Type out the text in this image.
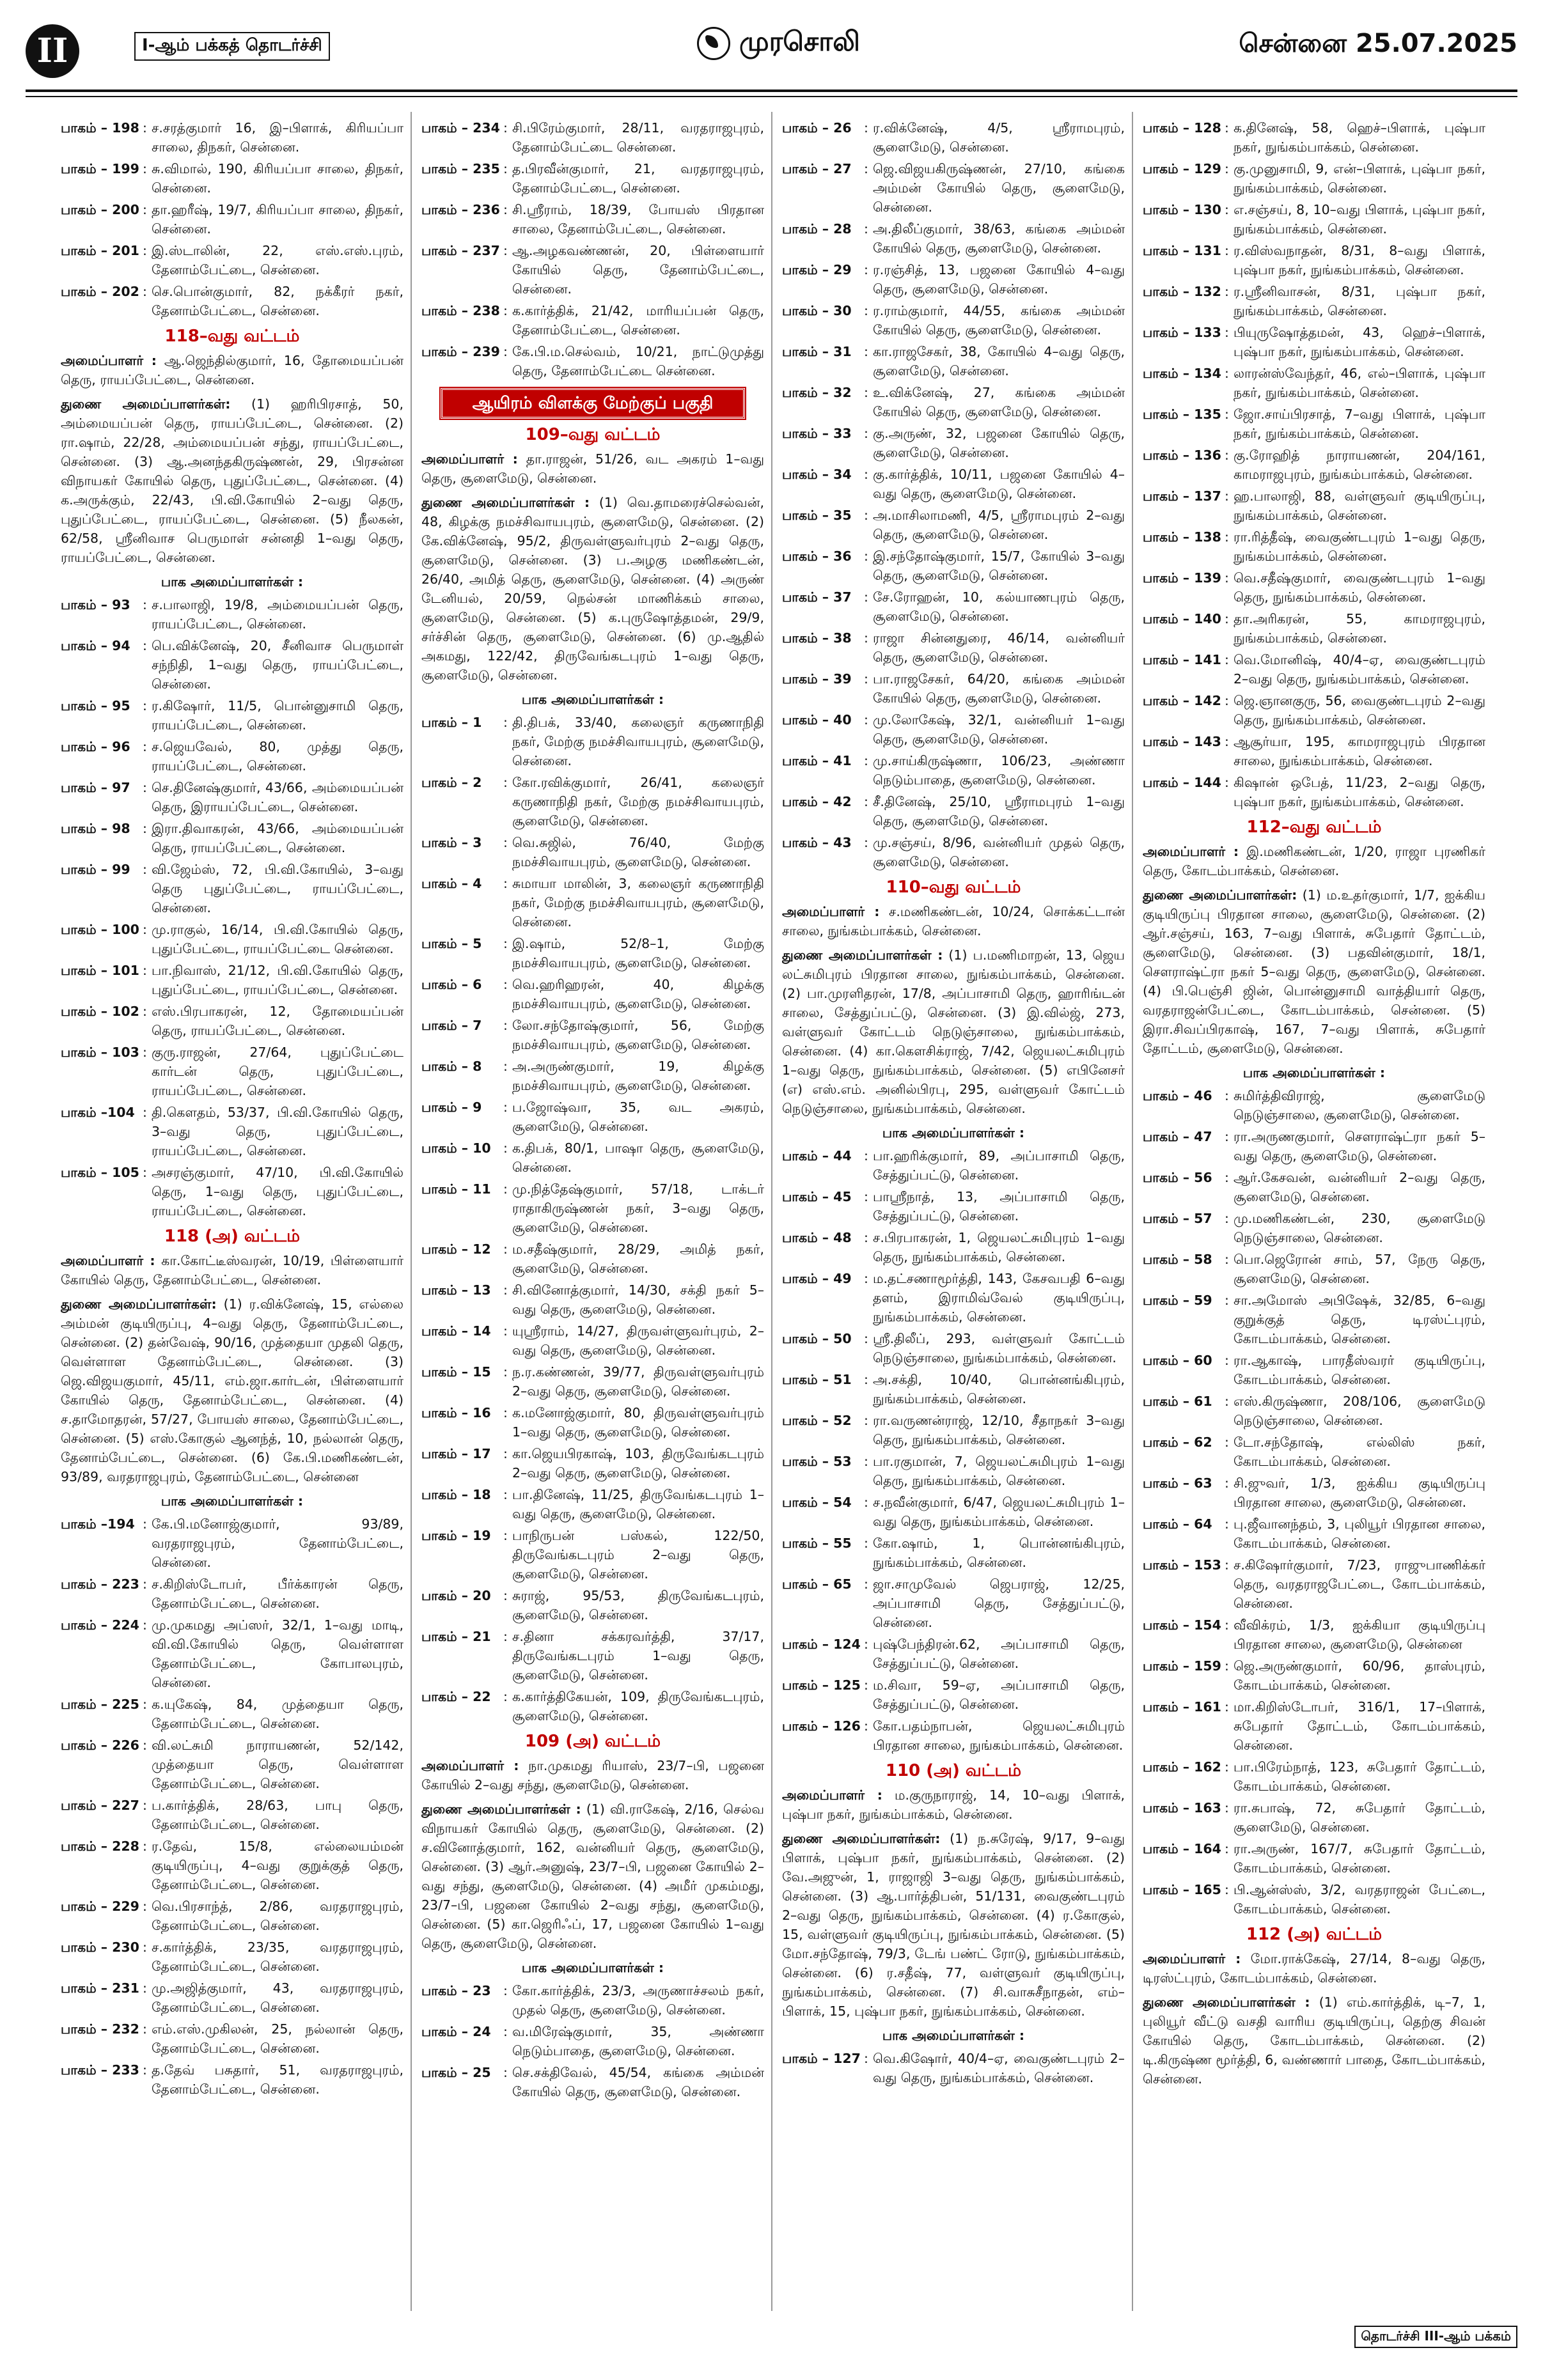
II	I-ஆம் பக்கத் தொடர்ச்சி	முரசொலி	சென்னை 25.07.2025
பாகம் – 198 : ச.சரத்குமார் 16, இ–பிளாக், கிரியப்பா சாலை, திநகர், சென்னை.
பாகம் – 199 : சு.விமால், 190, கிரியப்பா சாலை, திநகர், சென்னை.
பாகம் – 200 : தா.ஹரீஷ், 19/7, கிரியப்பா சாலை, திநகர், சென்னை.
பாகம் – 201 : இ.ஸ்டாலின், 22, எஸ்.எஸ்.புரம், தேனாம்பேட்டை, சென்னை.
பாகம் – 202 : செ.பொன்குமார், 82, நக்கீரர் நகர், தேனாம்பேட்டை, சென்னை.
118–வது வட்டம்
அமைப்பாளர் : ஆ.ஜெந்தில்குமார், 16, தோமையப்பன் தெரு, ராயப்பேட்டை, சென்னை.
துணை அமைப்பாளர்கள்: (1) ஹரிபிரசாத், 50, அம்மையப்பன் தெரு, ராயப்பேட்டை, சென்னை. (2) ரா.ஷாம், 22/28, அம்மையப்பன் சந்து, ராயப்பேட்டை, சென்னை. (3) ஆ.அனந்தகிருஷ்ணன், 29, பிரசன்ன விநாயகர் கோயில் தெரு, புதுப்பேட்டை, சென்னை. (4) க.அருக்கும், 22/43, பி.வி.கோயில் 2–வது தெரு, புதுப்பேட்டை, ராயப்பேட்டை, சென்னை. (5) நீலகன், 62/58, ஸ்ரீனிவாச பெருமாள் சன்னதி 1–வது தெரு, ராயப்பேட்டை, சென்னை.
பாக அமைப்பாளர்கள் :
பாகம் – 93 : ச.பாலாஜி, 19/8, அம்மையப்பன் தெரு, ராயப்பேட்டை, சென்னை.
பாகம் – 94 : பெ.விக்னேஷ், 20, சீனிவாச பெருமாள் சந்நிதி, 1–வது தெரு, ராயப்பேட்டை, சென்னை.
பாகம் – 95 : ர.கிஷோர், 11/5, பொன்னுசாமி தெரு, ராயப்பேட்டை, சென்னை.
பாகம் – 96 : ச.ஜெயவேல், 80, முத்து தெரு, ராயப்பேட்டை, சென்னை.
பாகம் – 97 : செ.தினேஷ்குமார், 43/66, அம்மையப்பன் தெரு, இராயப்பேட்டை, சென்னை.
பாகம் – 98 : இரா.திவாகரன், 43/66, அம்மையப்பன் தெரு, ராயப்பேட்டை, சென்னை.
பாகம் – 99 : வி.ஜேம்ஸ், 72, பி.வி.கோயில், 3–வது தெரு புதுப்பேட்டை, ராயப்பேட்டை, சென்னை.
பாகம் – 100 : மு.ராகுல், 16/14, பி.வி.கோயில் தெரு, புதுப்பேட்டை, ராயப்பேட்டை சென்னை.
பாகம் – 101 : பா.நிவாஸ், 21/12, பி.வி.கோயில் தெரு, புதுப்பேட்டை, ராயப்பேட்டை, சென்னை.
பாகம் – 102 : எஸ்.பிரபாகரன், 12, தோமையப்பன் தெரு, ராயப்பேட்டை, சென்னை.
பாகம் – 103 : குரு.ராஜன், 27/64, புதுப்பேட்டை கார்டன் தெரு, புதுப்பேட்டை, ராயப்பேட்டை, சென்னை.
பாகம் –104 : தி.கௌதம், 53/37, பி.வி.கோயில் தெரு, 3–வது தெரு, புதுப்பேட்டை, ராயப்பேட்டை, சென்னை.
பாகம் – 105 : அசரஞ்குமார், 47/10, பி.வி.கோயில் தெரு, 1–வது தெரு, புதுப்பேட்டை, ராயப்பேட்டை, சென்னை.
118 (அ) வட்டம்
அமைப்பாளர் : கா.கோட்டீஸ்வரன், 10/19, பிள்ளையார் கோயில் தெரு, தேனாம்பேட்டை, சென்னை.
துணை அமைப்பாளர்கள்: (1) ர.விக்னேஷ், 15, எல்லை அம்மன் குடியிருப்பு, 4–வது தெரு, தேனாம்பேட்டை, சென்னை. (2) தன்வேஷ், 90/16, முத்தையா முதலி தெரு, வெள்ளாள தேனாம்பேட்டை, சென்னை. (3) ஜெ.விஜயகுமார், 45/11, எம்.ஜா.கார்டன், பிள்ளையார் கோயில் தெரு, தேனாம்பேட்டை, சென்னை. (4) ச.தாமோதரன், 57/27, போயஸ் சாலை, தேனாம்பேட்டை, சென்னை. (5) எஸ்.கோகுல் ஆனந்த், 10, நல்லான் தெரு, தேனாம்பேட்டை, சென்னை. (6) கே.பி.மணிகண்டன், 93/89, வரதராஜபுரம், தேனாம்பேட்டை, சென்னை
பாக அமைப்பாளர்கள் :
பாகம் –194 : கே.பி.மனோஜ்குமார், 93/89, வரதராஜபுரம், தேனாம்பேட்டை, சென்னை.
பாகம் – 223 : ச.கிறிஸ்டோபர், பீர்க்காரன் தெரு, தேனாம்பேட்டை, சென்னை.
பாகம் – 224 : மு.முகமது அப்ஸர், 32/1, 1–வது மாடி, வி.வி.கோயில் தெரு, வெள்ளாள தேனாம்பேட்டை, கோபாலபுரம், சென்னை.
பாகம் – 225 : க.யுகேஷ், 84, முத்தையா தெரு, தேனாம்பேட்டை, சென்னை.
பாகம் – 226 : வி.லட்சுமி நாராயணன், 52/142, முத்தையா தெரு, வெள்ளாள தேனாம்பேட்டை, சென்னை.
பாகம் – 227 : ப.கார்த்திக், 28/63, பாபு தெரு, தேனாம்பேட்டை, சென்னை.
பாகம் – 228 : ர.தேவ், 15/8, எல்லையம்மன் குடியிருப்பு, 4–வது குறுக்குத் தெரு, தேனாம்பேட்டை, சென்னை.
பாகம் – 229 : வெ.பிரசாந்த், 2/86, வரதராஜபுரம், தேனாம்பேட்டை, சென்னை.
பாகம் – 230 : ச.கார்த்திக், 23/35, வரதராஜபுரம், தேனாம்பேட்டை, சென்னை.
பாகம் – 231 : மு.அஜித்குமார், 43, வரதராஜபுரம், தேனாம்பேட்டை, சென்னை.
பாகம் – 232 : எம்.எஸ்.முகிலன், 25, நல்லான் தெரு, தேனாம்பேட்டை, சென்னை.
பாகம் – 233 : த.தேவ் பசுதார், 51, வரதராஜபுரம், தேனாம்பேட்டை, சென்னை.
பாகம் – 234 : சி.பிரேம்குமார், 28/11, வரதராஜபுரம், தேனாம்பேட்டை சென்னை.
பாகம் – 235 : த.பிரவீன்குமார், 21, வரதராஜபுரம், தேனாம்பேட்டை, சென்னை.
பாகம் – 236 : சி.ஸ்ரீராம், 18/39, போயஸ் பிரதான சாலை, தேனாம்பேட்டை, சென்னை.
பாகம் – 237 : ஆ.அழகவண்ணன், 20, பிள்ளையார் கோயில் தெரு, தேனாம்பேட்டை, சென்னை.
பாகம் – 238 : க.கார்த்திக், 21/42, மாரியப்பன் தெரு, தேனாம்பேட்டை, சென்னை.
பாகம் – 239 : கே.பி.ம.செல்வம், 10/21, நாட்டுமுத்து தெரு, தேனாம்பேட்டை சென்னை.
ஆயிரம் விளக்கு மேற்குப் பகுதி
109–வது வட்டம்
அமைப்பாளர் : தா.ராஜன், 51/26, வட அகரம் 1–வது தெரு, சூளைமேடு, சென்னை.
துணை அமைப்பாளர்கள் : (1) வெ.தாமரைச்செல்வன், 48, கிழக்கு நமச்சிவாயபுரம், சூளைமேடு, சென்னை. (2) கே.விக்னேஷ், 95/2, திருவள்ளுவர்புரம் 2–வது தெரு, சூளைமேடு, சென்னை. (3) ப.அழகு மணிகண்டன், 26/40, அமித் தெரு, சூளைமேடு, சென்னை. (4) அருண் டேனியல், 20/59, நெல்சன் மாணிக்கம் சாலை, சூளைமேடு, சென்னை. (5) க.புருஷோத்தமன், 29/9, சர்ச்சின் தெரு, சூளைமேடு, சென்னை. (6) மு.ஆதில் அகமது, 122/42, திருவேங்கடபுரம் 1–வது தெரு, சூளைமேடு, சென்னை.
பாக அமைப்பாளர்கள் :
பாகம் – 1	: தி.திபக், 33/40, கலைஞர் கருணாநிதி நகர், மேற்கு நமச்சிவாயபுரம், சூளைமேடு, சென்னை.
பாகம் – 2	: கோ.ரவிக்குமார், 26/41, கலைஞர் கருணாநிதி நகர், மேற்கு நமச்சிவாயபுரம், சூளைமேடு, சென்னை.
பாகம் – 3	: வெ.சுஜில், 76/40, மேற்கு நமச்சிவாயபுரம், சூளைமேடு, சென்னை.
பாகம் – 4	: சுமாயா மாலின், 3, கலைஞர் கருணாநிதி நகர், மேற்கு நமச்சிவாயபுரம், சூளைமேடு, சென்னை.
பாகம் – 5	: இ.ஷாம், 52/8–1, மேற்கு நமச்சிவாயபுரம், சூளைமேடு, சென்னை.
பாகம் – 6	: வெ.ஹரிஹரன், 40, கிழக்கு நமச்சிவாயபுரம், சூளைமேடு, சென்னை.
பாகம் – 7	: லோ.சந்தோஷ்குமார், 56, மேற்கு நமச்சிவாயபுரம், சூளைமேடு, சென்னை.
பாகம் – 8	: அ.அருண்குமார், 19, கிழக்கு நமச்சிவாயபுரம், சூளைமேடு, சென்னை.
பாகம் – 9	: ப.ஜோஷ்வா, 35, வட அகரம், சூளைமேடு, சென்னை.
பாகம் – 10 : க.திபக், 80/1, பாஷா தெரு, சூளைமேடு, சென்னை.
பாகம் – 11 : மு.நித்தேஷ்குமார், 57/18, டாக்டர் ராதாகிருஷ்ணன் நகர், 3–வது தெரு, சூளைமேடு, சென்னை.
பாகம் – 12 : ம.சதீஷ்குமார், 28/29, அமித் நகர், சூளைமேடு, சென்னை.
பாகம் – 13 : சி.வினோத்குமார், 14/30, சக்தி நகர் 5–வது தெரு, சூளைமேடு, சென்னை.
பாகம் – 14 : யுஸ்ரீராம், 14/27, திருவள்ளுவர்புரம், 2–வது தெரு, சூளைமேடு, சென்னை.
பாகம் – 15 : ந.ர.கண்ணன், 39/77, திருவள்ளுவர்புரம் 2–வது தெரு, சூளைமேடு, சென்னை.
பாகம் – 16 : க.மனோஜ்குமார், 80, திருவள்ளுவர்புரம் 1–வது தெரு, சூளைமேடு, சென்னை.
பாகம் – 17 : கா.ஜெயபிரகாஷ், 103, திருவேங்கடபுரம் 2–வது தெரு, சூளைமேடு, சென்னை.
பாகம் – 18 : பா.தினேஷ், 11/25, திருவேங்கடபுரம் 1–வது தெரு, சூளைமேடு, சென்னை.
பாகம் – 19 : பாநிருபன் பஸ்கல், 122/50, திருவேங்கடபுரம் 2–வது தெரு, சூளைமேடு, சென்னை.
பாகம் – 20 : சுராஜ், 95/53, திருவேங்கடபுரம், சூளைமேடு, சென்னை.
பாகம் – 21 : ச.தினா சக்கரவர்த்தி, 37/17, திருவேங்கடபுரம் 1–வது தெரு, சூளைமேடு, சென்னை.
பாகம் – 22 : க.கார்த்திகேயன், 109, திருவேங்கடபுரம், சூளைமேடு, சென்னை.
109 (அ) வட்டம்
அமைப்பாளர் : நா.முகமது ரியாஸ், 23/7–பி, பஜனை கோயில் 2–வது சந்து, சூளைமேடு, சென்னை.
துணை அமைப்பாளர்கள் : (1) வி.ராகேஷ், 2/16, செல்வ விநாயகர் கோயில் தெரு, சூளைமேடு, சென்னை. (2) ச.வினோத்குமார், 162, வன்னியர் தெரு, சூளைமேடு, சென்னை. (3) ஆர்.அனுஷ், 23/7–பி, பஜனை கோயில் 2–வது சந்து, சூளைமேடு, சென்னை. (4) அமீர் முகம்மது, 23/7–பி, பஜனை கோயில் 2–வது சந்து, சூளைமேடு, சென்னை. (5) கா.ஜெரிஃப், 17, பஜனை கோயில் 1–வது தெரு, சூளைமேடு, சென்னை.
பாக அமைப்பாளர்கள் :
பாகம் – 23 : கோ.கார்த்திக், 23/3, அருணாச்சலம் நகர், முதல் தெரு, சூளைமேடு, சென்னை.
பாகம் – 24 : வ.மிரேஷ்குமார், 35, அண்ணா நெடும்பாதை, சூளைமேடு, சென்னை.
பாகம் – 25 : செ.சக்திவேல், 45/54, கங்கை அம்மன் கோயில் தெரு, சூளைமேடு, சென்னை.
பாகம் – 26 : ர.விக்னேஷ், 4/5, ஸ்ரீராமபுரம், சூளைமேடு, சென்னை.
பாகம் – 27 : ஜெ.விஜயகிருஷ்ணன், 27/10, கங்கை அம்மன் கோயில் தெரு, சூளைமேடு, சென்னை.
பாகம் – 28 : அ.திலீப்குமார், 38/63, கங்கை அம்மன் கோயில் தெரு, சூளைமேடு, சென்னை.
பாகம் – 29 : ர.ரஞ்சித், 13, பஜனை கோயில் 4–வது தெரு, சூளைமேடு, சென்னை.
பாகம் – 30 : ர.ராம்குமார், 44/55, கங்கை அம்மன் கோயில் தெரு, சூளைமேடு, சென்னை.
பாகம் – 31 : கா.ராஜசேகர், 38, கோயில் 4–வது தெரு, சூளைமேடு, சென்னை.
பாகம் – 32 : உ.விக்னேஷ், 27, கங்கை அம்மன் கோயில் தெரு, சூளைமேடு, சென்னை.
பாகம் – 33 : கு.அருண், 32, பஜனை கோயில் தெரு, சூளைமேடு, சென்னை.
பாகம் – 34 : கு.கார்த்திக், 10/11, பஜனை கோயில் 4–வது தெரு, சூளைமேடு, சென்னை.
பாகம் – 35 : அ.மாசிலாமணி, 4/5, ஸ்ரீராமபுரம் 2–வது தெரு, சூளைமேடு, சென்னை.
பாகம் – 36 : இ.சந்தோஷ்குமார், 15/7, கோயில் 3–வது தெரு, சூளைமேடு, சென்னை.
பாகம் – 37 : சே.ரோஹன், 10, கல்யாணபுரம் தெரு, சூளைமேடு, சென்னை.
பாகம் – 38 : ராஜா சின்னதுரை, 46/14, வன்னியர் தெரு, சூளைமேடு, சென்னை.
பாகம் – 39 : பா.ராஜசேகர், 64/20, கங்கை அம்மன் கோயில் தெரு, சூளைமேடு, சென்னை.
பாகம் – 40 : மு.லோகேஷ், 32/1, வன்னியர் 1–வது தெரு, சூளைமேடு, சென்னை.
பாகம் – 41 : மு.சாய்கிருஷ்ணா, 106/23, அண்ணா நெடும்பாதை, சூளைமேடு, சென்னை.
பாகம் – 42 : சீ.தினேஷ், 25/10, ஸ்ரீராமபுரம் 1–வது தெரு, சூளைமேடு, சென்னை.
பாகம் – 43 : மு.சஞ்சய், 8/96, வன்னியர் முதல் தெரு, சூளைமேடு, சென்னை.
110–வது வட்டம்
அமைப்பாளர் : ச.மணிகண்டன், 10/24, சொக்கட்டான் சாலை, நுங்கம்பாக்கம், சென்னை.
துணை அமைப்பாளர்கள் : (1) ப.மணிமாறன், 13, ஜெய லட்சுமிபுரம் பிரதான சாலை, நுங்கம்பாக்கம், சென்னை. (2) பா.முரளிதரன், 17/8, அப்பாசாமி தெரு, ஹாரிங்டன் சாலை, சேத்துப்பட்டு, சென்னை. (3) இ.வில்ஜ், 273, வள்ளுவர் கோட்டம் நெடுஞ்சாலை, நுங்கம்பாக்கம், சென்னை. (4) கா.கௌசிக்ராஜ், 7/42, ஜெயலட்சுமிபுரம் 1–வது தெரு, நுங்கம்பாக்கம், சென்னை. (5) எபினேசர் (எ) எஸ்.எம். அனில்பிரபு, 295, வள்ளுவர் கோட்டம் நெடுஞ்சாலை, நுங்கம்பாக்கம், சென்னை.
பாக அமைப்பாளர்கள் :
பாகம் – 44 : பா.ஹரிக்குமார், 89, அப்பாசாமி தெரு, சேத்துப்பட்டு, சென்னை.
பாகம் – 45 : பாஸ்ரீநாத், 13, அப்பாசாமி தெரு, சேத்துப்பட்டு, சென்னை.
பாகம் – 48 : ச.பிரபாகரன், 1, ஜெயலட்சுமிபுரம் 1–வது தெரு, நுங்கம்பாக்கம், சென்னை.
பாகம் – 49 : ம.தட்சணாமூர்த்தி, 143, கேசவபதி 6–வது தளம், இராமிவ்வேல் குடியிருப்பு, நுங்கம்பாக்கம், சென்னை.
பாகம் – 50 : ஸ்ரீ.திலீப், 293, வள்ளுவர் கோட்டம் நெடுஞ்சாலை, நுங்கம்பாக்கம், சென்னை.
பாகம் – 51 : அ.சக்தி, 10/40, பொன்னங்கிபுரம், நுங்கம்பாக்கம், சென்னை.
பாகம் – 52 : ரா.வருணன்ராஜ், 12/10, சீதாநகர் 3–வது தெரு, நுங்கம்பாக்கம், சென்னை.
பாகம் – 53 : பா.ரகுமான், 7, ஜெயலட்சுமிபுரம் 1–வது தெரு, நுங்கம்பாக்கம், சென்னை.
பாகம் – 54 : ச.நவீன்குமார், 6/47, ஜெயலட்சுமிபுரம் 1–வது தெரு, நுங்கம்பாக்கம், சென்னை.
பாகம் – 55 : கோ.ஷாம், 1, பொன்னங்கிபுரம், நுங்கம்பாக்கம், சென்னை.
பாகம் – 65 : ஜா.சாமுவேல் ஜெபராஜ், 12/25, அப்பாசாமி தெரு, சேத்துப்பட்டு, சென்னை.
பாகம் – 124 : புஷ்பேந்திரன்.62, அப்பாசாமி தெரு, சேத்துப்பட்டு, சென்னை.
பாகம் – 125 : ம.சிவா, 59–ஏ, அப்பாசாமி தெரு, சேத்துப்பட்டு, சென்னை.
பாகம் – 126 : கோ.பதம்நாபன், ஜெயலட்சுமிபுரம் பிரதான சாலை, நுங்கம்பாக்கம், சென்னை.
110 (அ) வட்டம்
அமைப்பாளர் : ம.குருநாராஜ், 14, 10–வது பிளாக், புஷ்பா நகர், நுங்கம்பாக்கம், சென்னை.
துணை அமைப்பாளர்கள்: (1) ந.சுரேஷ், 9/17, 9–வது பிளாக், புஷ்பா நகர், நுங்கம்பாக்கம், சென்னை. (2) வே.அஜுன், 1, ராஜாஜி 3–வது தெரு, நுங்கம்பாக்கம், சென்னை. (3) ஆ.பார்த்திபன், 51/131, வைகுண்டபுரம் 2–வது தெரு, நுங்கம்பாக்கம், சென்னை. (4) ர.கோகுல், 15, வள்ளுவர் குடியிருப்பு, நுங்கம்பாக்கம், சென்னை. (5) மோ.சந்தோஷ், 79/3, டேங் பண்ட் ரோடு, நுங்கம்பாக்கம், சென்னை. (6) ர.சதீஷ், 77, வள்ளுவர் குடியிருப்பு, நுங்கம்பாக்கம், சென்னை. (7) சி.வாசுசீநாதன், எம்–பிளாக், 15, புஷ்பா நகர், நுங்கம்பாக்கம், சென்னை.
பாக அமைப்பாளர்கள் :
பாகம் – 127 : வெ.கிஷோர், 40/4–ஏ, வைகுண்டபுரம் 2–வது தெரு, நுங்கம்பாக்கம், சென்னை.
பாகம் – 128 : க.தினேஷ், 58, ஹெச்–பிளாக், புஷ்பா நகர், நுங்கம்பாக்கம், சென்னை.
பாகம் – 129 : கு.முனுசாமி, 9, என்–பிளாக், புஷ்பா நகர், நுங்கம்பாக்கம், சென்னை.
பாகம் – 130 : எ.சஞ்சய், 8, 10–வது பிளாக், புஷ்பா நகர், நுங்கம்பாக்கம், சென்னை.
பாகம் – 131 : ர.விஸ்வநாதன், 8/31, 8–வது பிளாக், புஷ்பா நகர், நுங்கம்பாக்கம், சென்னை.
பாகம் – 132 : ர.ஸ்ரீனிவாசன், 8/31, புஷ்பா நகர், நுங்கம்பாக்கம், சென்னை.
பாகம் – 133 : பியுருஷோத்தமன், 43, ஹெச்–பிளாக், புஷ்பா நகர், நுங்கம்பாக்கம், சென்னை.
பாகம் – 134 : லாரன்ஸ்வேந்தர், 46, எல்–பிளாக், புஷ்பா நகர், நுங்கம்பாக்கம், சென்னை.
பாகம் – 135 : ஜோ.சாய்பிரசாத், 7–வது பிளாக், புஷ்பா நகர், நுங்கம்பாக்கம், சென்னை.
பாகம் – 136 : கு.ரோஹித் நாராயணன், 204/161, காமராஜபுரம், நுங்கம்பாக்கம், சென்னை.
பாகம் – 137 : ஹ.பாலாஜி, 88, வள்ளுவர் குடியிருப்பு, நுங்கம்பாக்கம், சென்னை.
பாகம் – 138 : ரா.ரித்தீஷ், வைகுண்டபுரம் 1–வது தெரு, நுங்கம்பாக்கம், சென்னை.
பாகம் – 139 : வெ.சதீஷ்குமார், வைகுண்டபுரம் 1–வது தெரு, நுங்கம்பாக்கம், சென்னை.
பாகம் – 140 : தா.அரிகரன், 55, காமராஜபுரம், நுங்கம்பாக்கம், சென்னை.
பாகம் – 141 : வெ.மோனிஷ், 40/4–ஏ, வைகுண்டபுரம் 2–வது தெரு, நுங்கம்பாக்கம், சென்னை.
பாகம் – 142 : ஜெ.ஞானகுரு, 56, வைகுண்டபுரம் 2–வது தெரு, நுங்கம்பாக்கம், சென்னை.
பாகம் – 143 : ஆசூர்யா, 195, காமராஜபுரம் பிரதான சாலை, நுங்கம்பாக்கம், சென்னை.
பாகம் – 144 : கிஷான் ஒபேத், 11/23, 2–வது தெரு, புஷ்பா நகர், நுங்கம்பாக்கம், சென்னை.
112–வது வட்டம்
அமைப்பாளர் : இ.மணிகண்டன், 1/20, ராஜா புரணிகர் தெரு, கோடம்பாக்கம், சென்னை.
துணை அமைப்பாளர்கள்: (1) ம.உதர்குமார், 1/7, ஐக்கிய குடியிருப்பு பிரதான சாலை, சூளைமேடு, சென்னை. (2) ஆர்.சஞ்சய், 163, 7–வது பிளாக், சுபேதார் தோட்டம், சூளைமேடு, சென்னை. (3) பதவின்குமார், 18/1, சௌராஷ்ட்ரா நகர் 5–வது தெரு, சூளைமேடு, சென்னை. (4) பி.பெஞ்சி ஜின், பொன்னுசாமி வாத்தியார் தெரு, வரதராஜன்பேட்டை, கோடம்பாக்கம், சென்னை. (5) இரா.சிவப்பிரகாஷ், 167, 7–வது பிளாக், சுபேதார் தோட்டம், சூளைமேடு, சென்னை.
பாக அமைப்பாளர்கள் :
பாகம் – 46 : சுமிர்த்திவிராஜ், சூளைமேடு நெடுஞ்சாலை, சூளைமேடு, சென்னை.
பாகம் – 47 : ரா.அருணகுமார், சௌராஷ்ட்ரா நகர் 5–வது தெரு, சூளைமேடு, சென்னை.
பாகம் – 56 : ஆர்.கேசவன், வன்னியர் 2–வது தெரு, சூளைமேடு, சென்னை.
பாகம் – 57 : மு.மணிகண்டன், 230, சூளைமேடு நெடுஞ்சாலை, சென்னை.
பாகம் – 58 : பொ.ஜெரோன் சாம், 57, நேரு தெரு, சூளைமேடு, சென்னை.
பாகம் – 59 : சா.அமோஸ் அபிஷேக், 32/85, 6–வது குறுக்குத் தெரு, டிரஸ்ட்புரம், கோடம்பாக்கம், சென்னை.
பாகம் – 60 : ரா.ஆகாஷ், பாரதீஸ்வரர் குடியிருப்பு, கோடம்பாக்கம், சென்னை.
பாகம் – 61 : எஸ்.கிருஷ்ணா, 208/106, சூளைமேடு நெடுஞ்சாலை, சென்னை.
பாகம் – 62 : டோ.சந்தோஷ், எல்லிஸ் நகர், கோடம்பாக்கம், சென்னை.
பாகம் – 63 : சி.ஜுவர், 1/3, ஐக்கிய குடியிருப்பு பிரதான சாலை, சூளைமேடு, சென்னை.
பாகம் – 64 : பு.ஜீவானந்தம், 3, புலியூர் பிரதான சாலை, கோடம்பாக்கம், சென்னை.
பாகம் – 153 : ச.கிஷோர்குமார், 7/23, ராஜுபாணிக்கர் தெரு, வரதராஜபேட்டை, கோடம்பாக்கம், சென்னை.
பாகம் – 154 : வீவிக்ரம், 1/3, ஐக்கியா குடியிருப்பு பிரதான சாலை, சூளைமேடு, சென்னை
பாகம் – 159 : ஜெ.அருண்குமார், 60/96, தாஸ்புரம், கோடம்பாக்கம், சென்னை.
பாகம் – 161 : மா.கிறிஸ்டோபர், 316/1, 17–பிளாக், சுபேதார் தோட்டம், கோடம்பாக்கம், சென்னை.
பாகம் – 162 : பா.பிரேம்நாத், 123, சுபேதார் தோட்டம், கோடம்பாக்கம், சென்னை.
பாகம் – 163 : ரா.சுபாஷ், 72, சுபேதார் தோட்டம், சூளைமேடு, சென்னை.
பாகம் – 164 : ரா.அருண், 167/7, சுபேதார் தோட்டம், கோடம்பாக்கம், சென்னை.
பாகம் – 165 : பி.ஆன்ஸ்ஸ், 3/2, வரதராஜன் பேட்டை, கோடம்பாக்கம், சென்னை.
112 (அ) வட்டம்
அமைப்பாளர் : மோ.ராக்கேஷ், 27/14, 8–வது தெரு, டிரஸ்ட்புரம், கோடம்பாக்கம், சென்னை.
துணை அமைப்பாளர்கள் : (1) எம்.கார்த்திக், டி–7, 1, புலியூர் வீட்டு வசதி வாரிய குடியிருப்பு, தெற்கு சிவன் கோயில் தெரு, கோடம்பாக்கம், சென்னை. (2) டி.கிருஷ்ண மூர்த்தி, 6, வண்ணார் பாதை, கோடம்பாக்கம், சென்னை.
தொடர்ச்சி III-ஆம் பக்கம்
